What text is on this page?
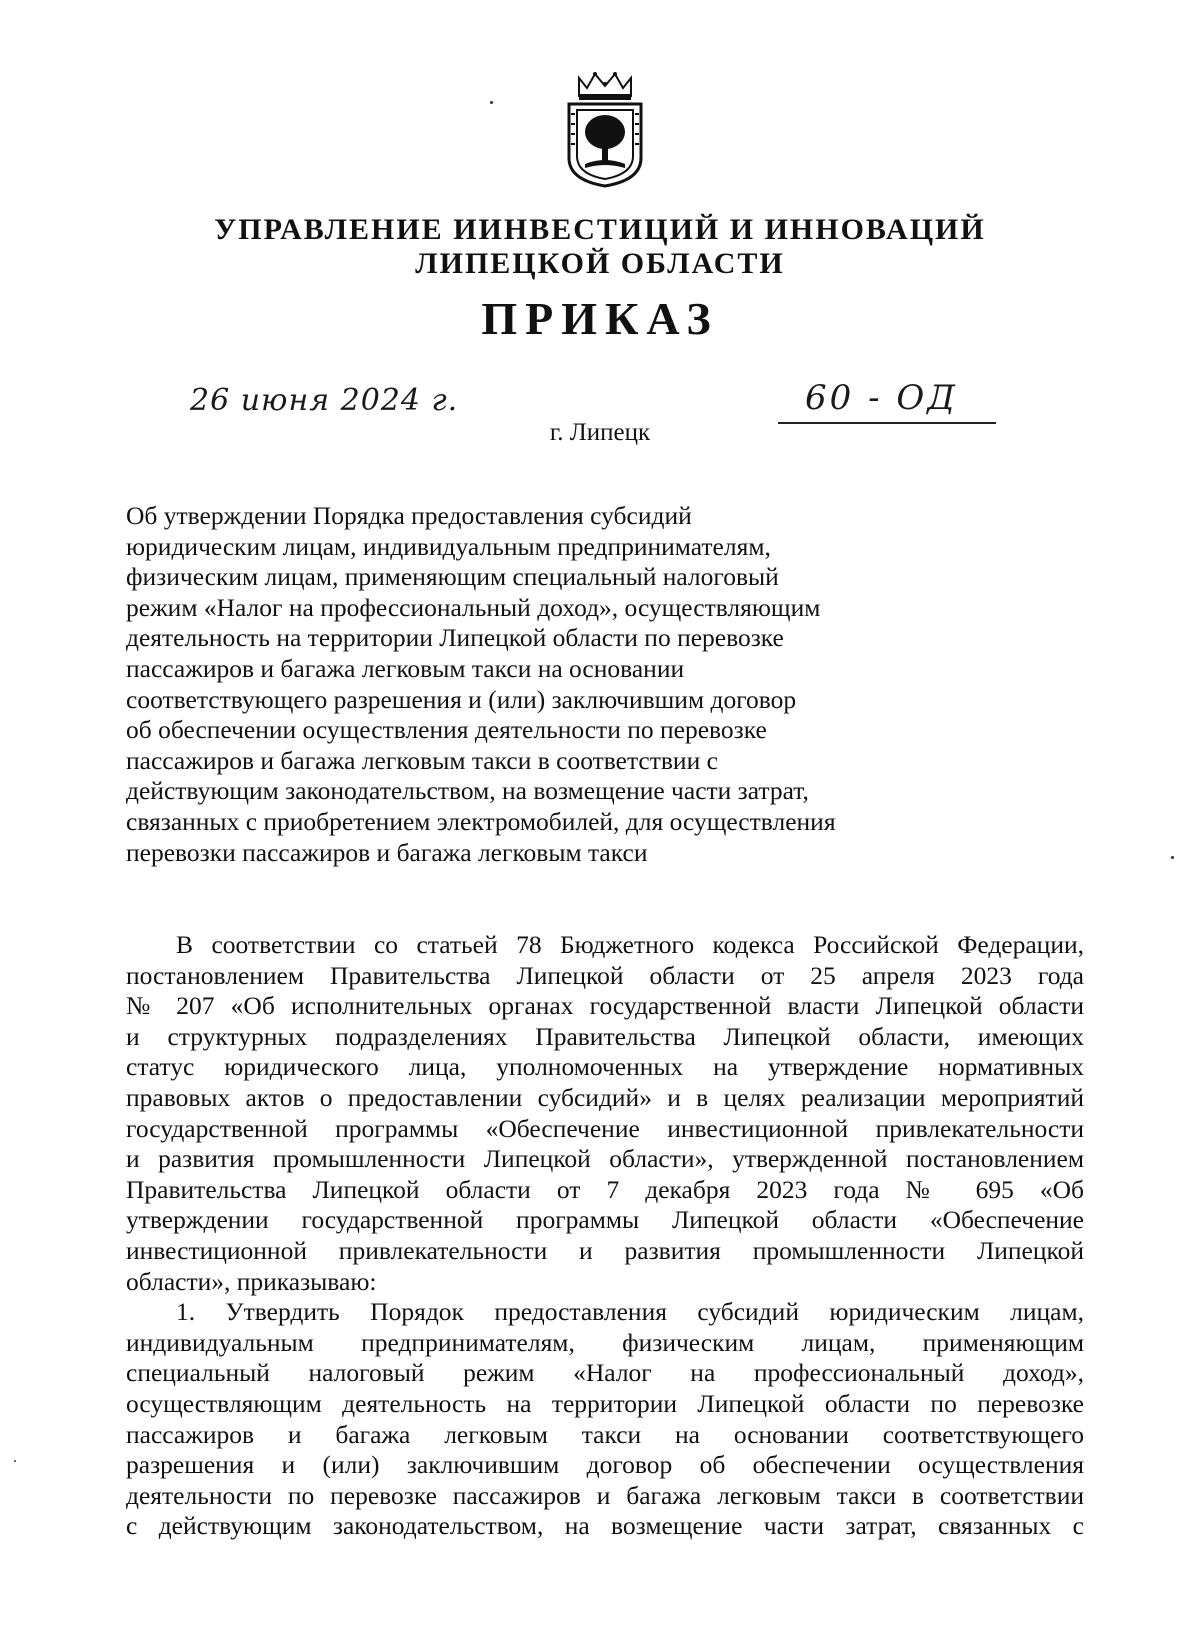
УПРАВЛЕНИЕ ИИНВЕСТИЦИЙ И ИННОВАЦИЙ
ЛИПЕЦКОЙ ОБЛАСТИ
ПРИКАЗ
26 июня 2024 г.	60 - ОД
г. Липецк
Об утверждении Порядка предоставления субсидий
юридическим лицам, индивидуальным предпринимателям,
физическим лицам, применяющим специальный налоговый
режим «Налог на профессиональный доход», осуществляющим
деятельность на территории Липецкой области по перевозке
пассажиров и багажа легковым такси на основании
соответствующего разрешения и (или) заключившим договор
об обеспечении осуществления деятельности по перевозке
пассажиров и багажа легковым такси в соответствии с
действующим законодательством, на возмещение части затрат,
связанных с приобретением электромобилей, для осуществления
перевозки пассажиров и багажа легковым такси
В соответствии со статьей 78 Бюджетного кодекса Российской Федерации,
постановлением Правительства Липецкой области от 25 апреля 2023 года
№ 207 «Об исполнительных органах государственной власти Липецкой области
и структурных подразделениях Правительства Липецкой области, имеющих
статус юридического лица, уполномоченных на утверждение нормативных
правовых актов о предоставлении субсидий» и в целях реализации мероприятий
государственной программы «Обеспечение инвестиционной привлекательности
и развития промышленности Липецкой области», утвержденной постановлением
Правительства Липецкой области от 7 декабря 2023 года № 695 «Об
утверждении государственной программы Липецкой области «Обеспечение
инвестиционной привлекательности и развития промышленности Липецкой
области», приказываю:
1. Утвердить Порядок предоставления субсидий юридическим лицам,
индивидуальным предпринимателям, физическим лицам, применяющим
специальный налоговый режим «Налог на профессиональный доход»,
осуществляющим деятельность на территории Липецкой области по перевозке
пассажиров и багажа легковым такси на основании соответствующего
разрешения и (или) заключившим договор об обеспечении осуществления
деятельности по перевозке пассажиров и багажа легковым такси в соответствии
с действующим законодательством, на возмещение части затрат, связанных с
